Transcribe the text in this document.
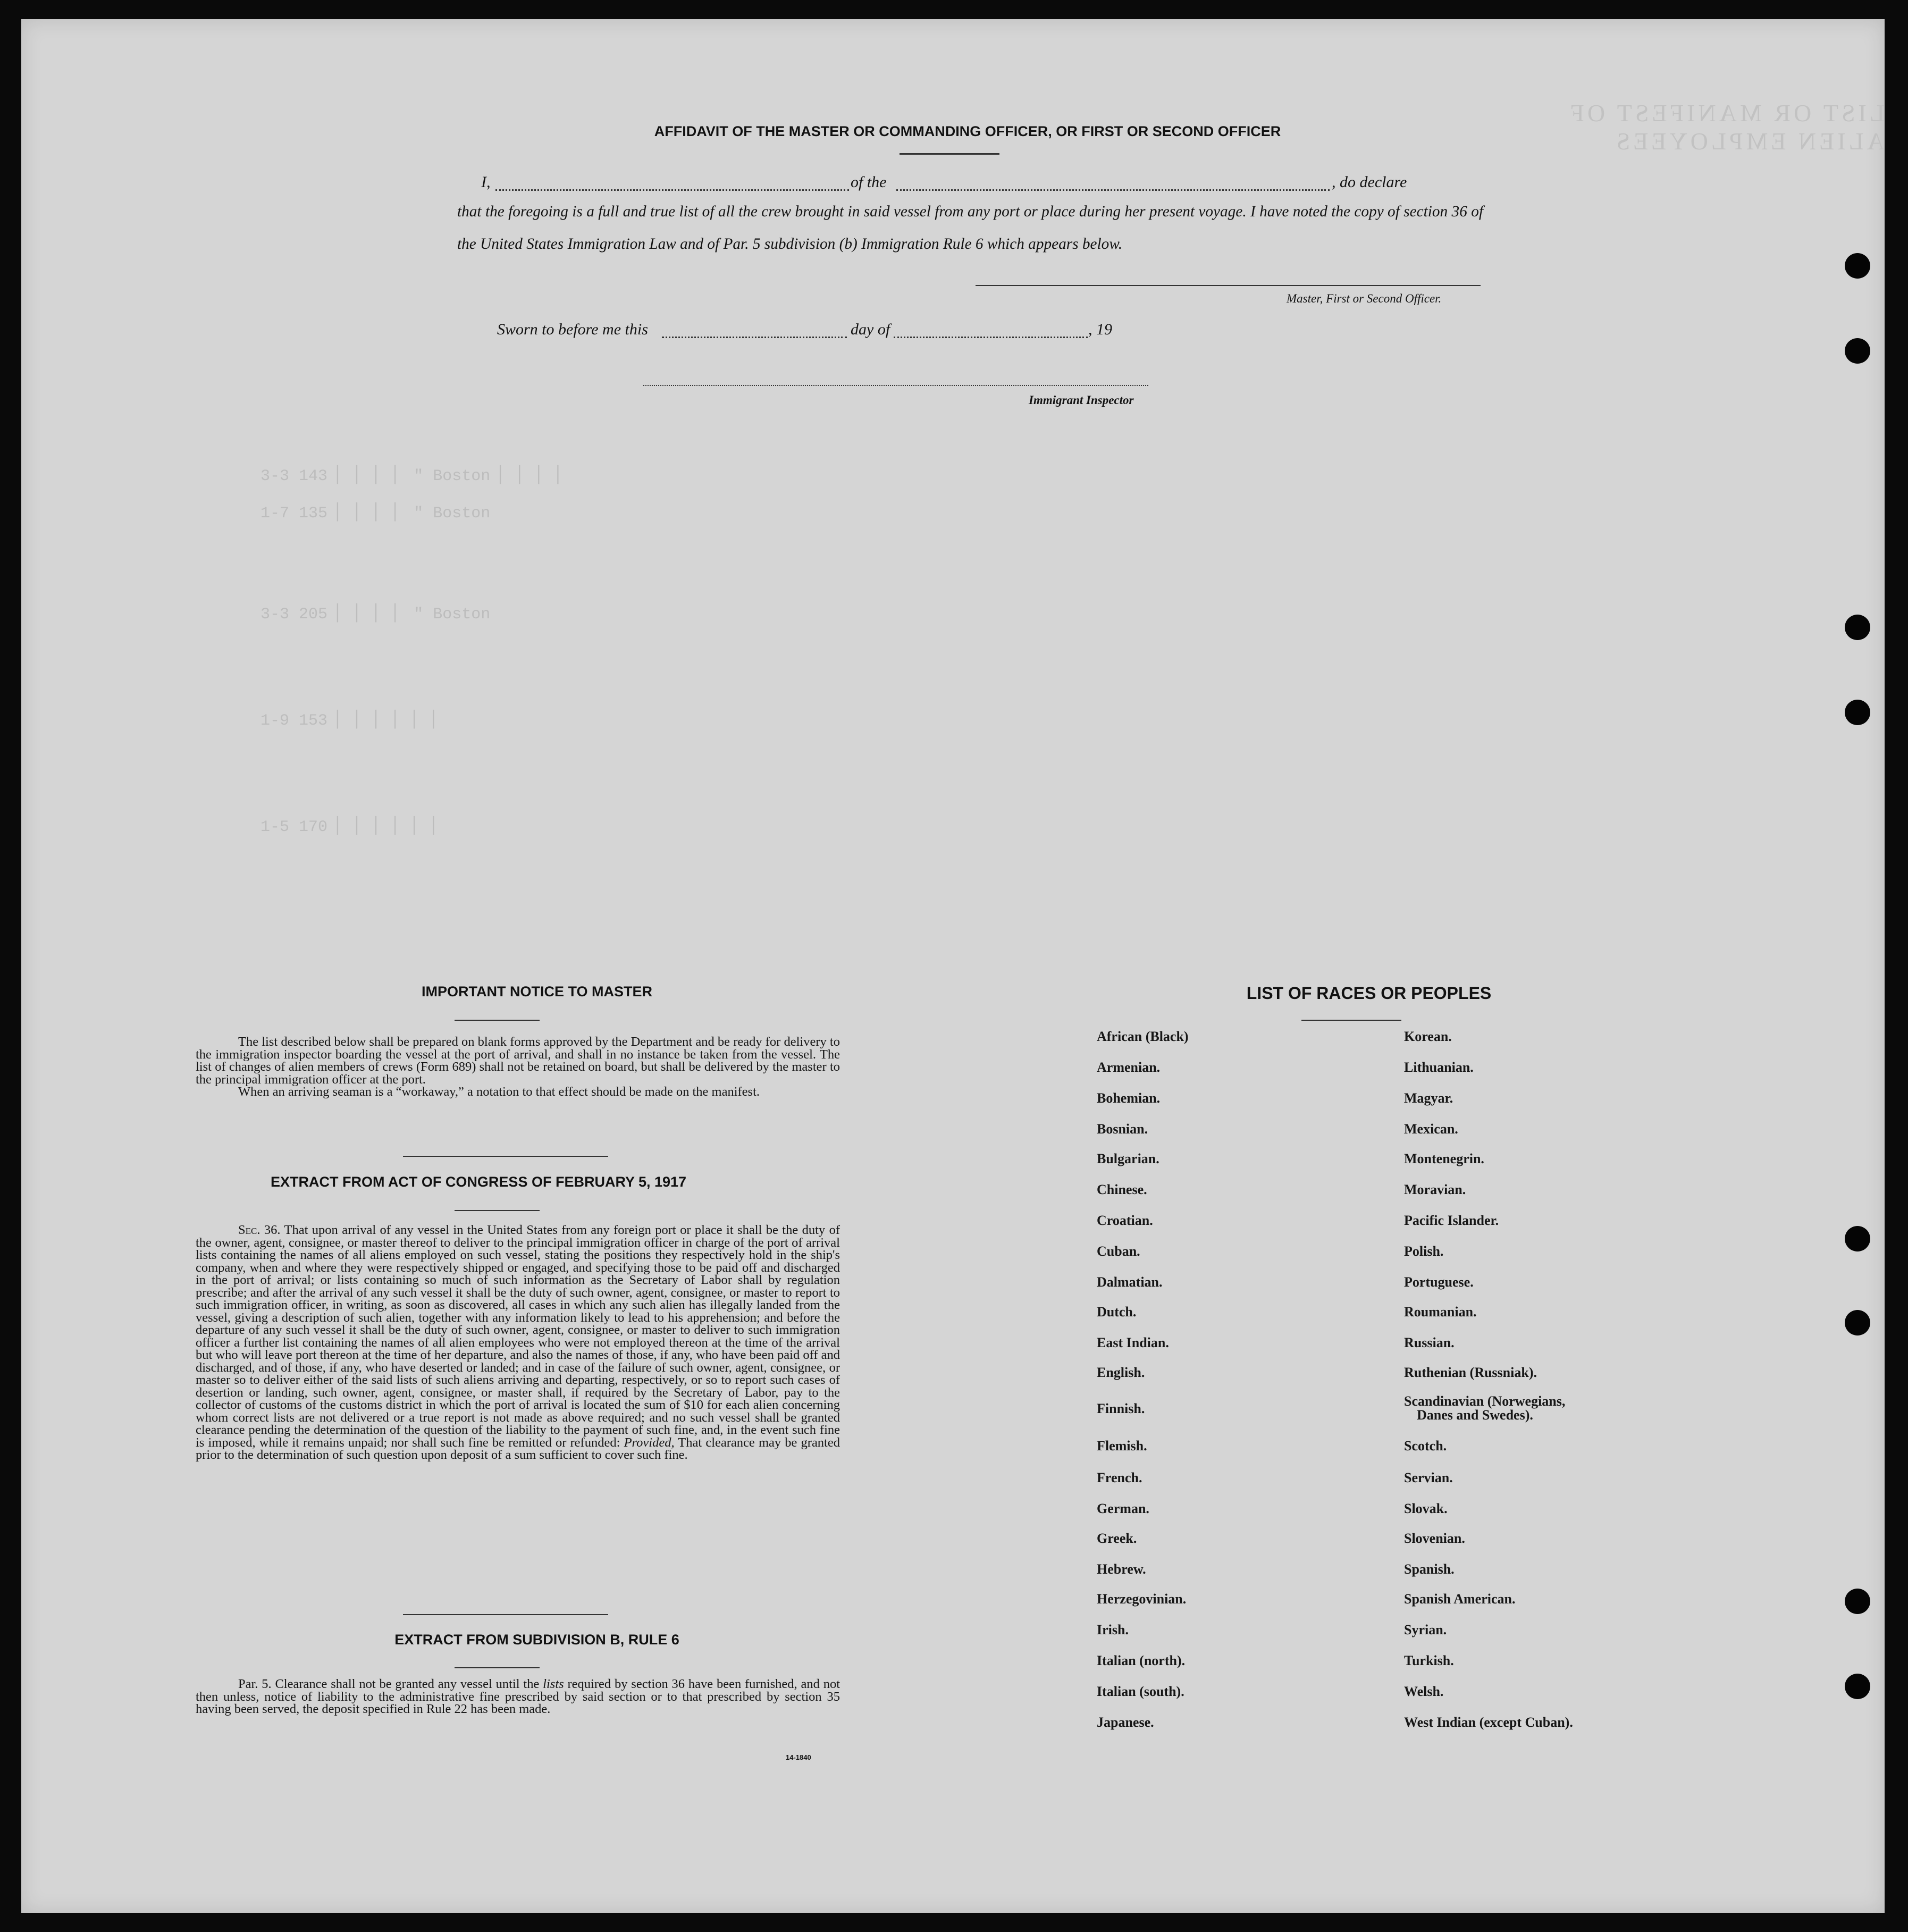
LIST OR MANIFEST OF ALIEN EMPLOYEES
AFFIDAVIT OF THE MASTER OR COMMANDING OFFICER, OR FIRST OR SECOND OFFICER
I,	of the	, do declare
that the foregoing is a full and true list of all the crew brought in said vessel from any port or place during her present voyage. I have noted the copy of section 36 of the United States Immigration Law and of Par. 5 subdivision (b) Immigration Rule 6 which appears below.
Master, First or Second Officer.
Sworn to before me this	day of	, 19
Immigrant Inspector
3-3 143 ▏ ▏ ▏ ▏ " Boston ▏ ▏ ▏ ▏
1-7 135 ▏ ▏ ▏ ▏ " Boston
3-3 205 ▏ ▏ ▏ ▏ " Boston
1-9 153 ▏ ▏ ▏ ▏ ▏ ▏
1-5 170 ▏ ▏ ▏ ▏ ▏ ▏
IMPORTANT NOTICE TO MASTER

The list described below shall be prepared on blank forms approved by the Department and be ready for delivery to the immigration inspector boarding the vessel at the port of arrival, and shall in no instance be taken from the vessel. The list of changes of alien members of crews (Form 689) shall not be retained on board, but shall be delivered by the master to the principal immigration officer at the port.

When an arriving seaman is a “workaway,” a notation to that effect should be made on the manifest.

EXTRACT FROM ACT OF CONGRESS OF FEBRUARY 5, 1917

Sec. 36. That upon arrival of any vessel in the United States from any foreign port or place it shall be the duty of the owner, agent, consignee, or master thereof to deliver to the principal immigration officer in charge of the port of arrival lists containing the names of all aliens employed on such vessel, stating the positions they respectively hold in the ship's company, when and where they were respectively shipped or engaged, and specifying those to be paid off and discharged in the port of arrival; or lists containing so much of such information as the Secretary of Labor shall by regulation prescribe; and after the arrival of any such vessel it shall be the duty of such owner, agent, consignee, or master to report to such immigration officer, in writing, as soon as discovered, all cases in which any such alien has illegally landed from the vessel, giving a description of such alien, together with any information likely to lead to his apprehension; and before the departure of any such vessel it shall be the duty of such owner, agent, consignee, or master to deliver to such immigration officer a further list containing the names of all alien employees who were not employed thereon at the time of the arrival but who will leave port thereon at the time of her departure, and also the names of those, if any, who have been paid off and discharged, and of those, if any, who have deserted or landed; and in case of the failure of such owner, agent, consignee, or master so to deliver either of the said lists of such aliens arriving and departing, respectively, or so to report such cases of desertion or landing, such owner, agent, consignee, or master shall, if required by the Secretary of Labor, pay to the collector of customs of the customs district in which the port of arrival is located the sum of $10 for each alien concerning whom correct lists are not delivered or a true report is not made as above required; and no such vessel shall be granted clearance pending the determination of the question of the liability to the payment of such fine, and, in the event such fine is imposed, while it remains unpaid; nor shall such fine be remitted or refunded: Provided, That clearance may be granted prior to the determination of such question upon deposit of a sum sufficient to cover such fine.

EXTRACT FROM SUBDIVISION B, RULE 6

Par. 5. Clearance shall not be granted any vessel until the lists required by section 36 have been furnished, and not then unless, notice of liability to the administrative fine prescribed by said section or to that prescribed by section 35 having been served, the deposit specified in Rule 22 has been made.

14-1840
LIST OF RACES OR PEOPLES
African (Black)
Armenian.
Bohemian.
Bosnian.
Bulgarian.
Chinese.
Croatian.
Cuban.
Dalmatian.
Dutch.
East Indian.
English.
Finnish.
Flemish.
French.
German.
Greek.
Hebrew.
Herzegovinian.
Irish.
Italian (north).
Italian (south).
Japanese.
Korean.
Lithuanian.
Magyar.
Mexican.
Montenegrin.
Moravian.
Pacific Islander.
Polish.
Portuguese.
Roumanian.
Russian.
Ruthenian (Russniak).
Scandinavian (Norwegians,
Danes and Swedes).
Scotch.
Servian.
Slovak.
Slovenian.
Spanish.
Spanish American.
Syrian.
Turkish.
Welsh.
West Indian (except Cuban).
